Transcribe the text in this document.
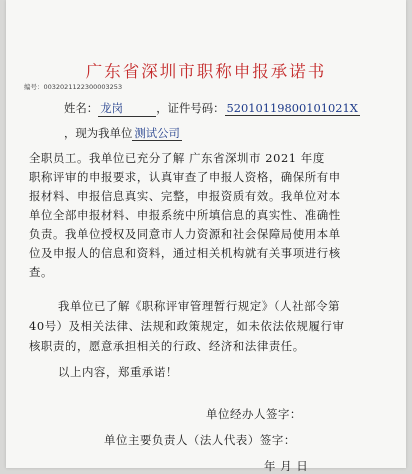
广东省深圳市职称申报承诺书
编号：0032021122300003253
姓名： 龙岗	，证件号码： 52010119800101021X
，现为我单位 测试公司
全职员工。我单位已充分了解 广东省深圳市 2021 年度
职称评审的申报要求，认真审查了申报人资格，确保所有申
报材料、申报信息真实、完整，申报资质有效。我单位对本
单位全部申报材料、申报系统中所填信息的真实性、准确性
负责。我单位授权及同意市人力资源和社会保障局使用本单
位及申报人的信息和资料，通过相关机构就有关事项进行核
查。
我单位已了解《职称评审管理暂行规定》（人社部令第
40号）及相关法律、法规和政策规定，如未依法依规履行审
核职责的，愿意承担相关的行政、经济和法律责任。
以上内容，郑重承诺！
单位经办人签字：
单位主要负责人（法人代表）签字：
年 月 日
